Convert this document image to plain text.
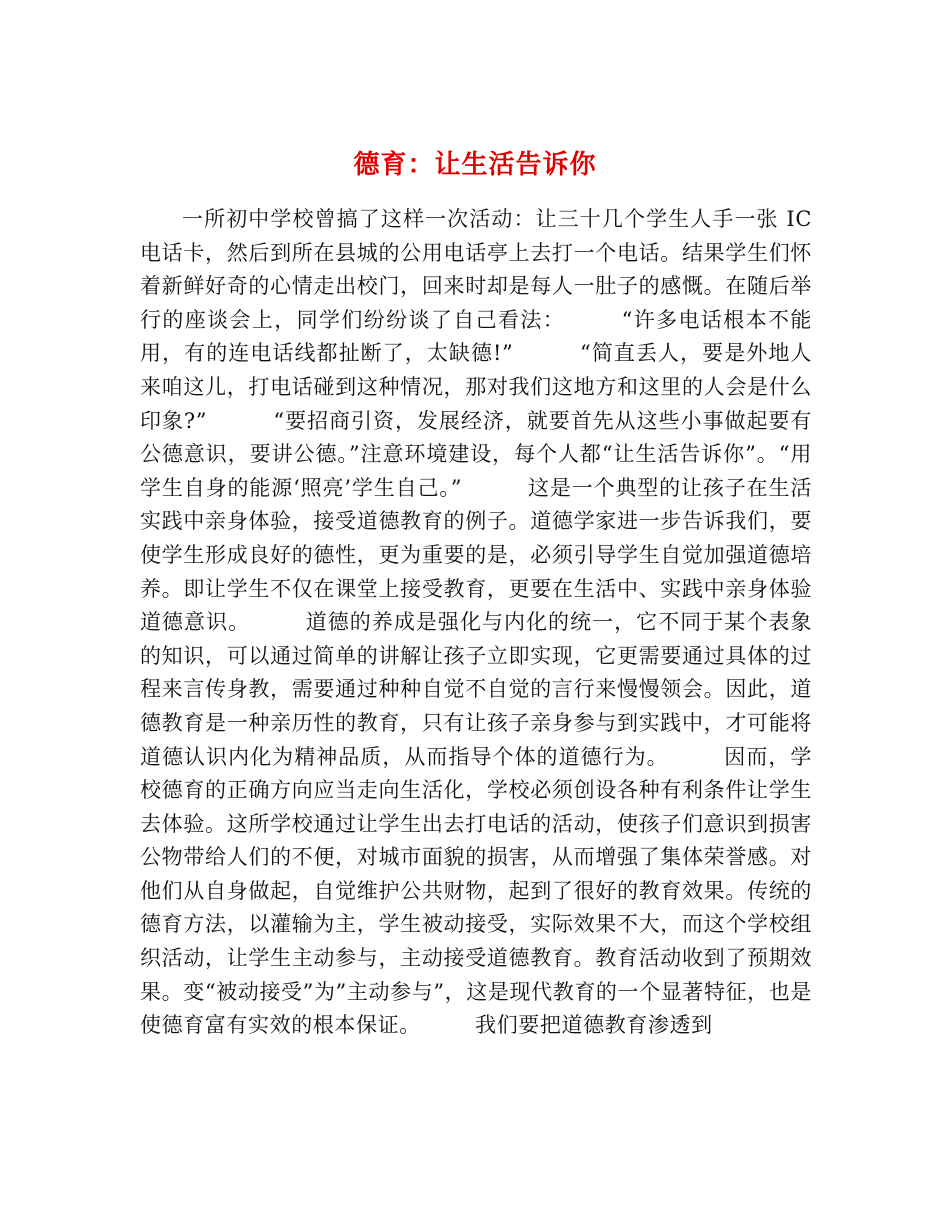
德育：让生活告诉你

一所初中学校曾搞了这样一次活动：让三十几个学生人手一张 IC 电话卡，然后到所在县城的公用电话亭上去打一个电话。结果学生们怀着新鲜好奇的心情走出校门，回来时却是每人一肚子的感慨。在随后举行的座谈会上，同学们纷纷谈了自己看法：　　　“许多电话根本不能用，有的连电话线都扯断了，太缺德!”　　　“简直丢人，要是外地人来咱这儿，打电话碰到这种情况，那对我们这地方和这里的人会是什么印象?”　　　“要招商引资，发展经济，就要首先从这些小事做起要有公德意识，要讲公德。”注意环境建设，每个人都“让生活告诉你”。“用学生自身的能源‘照亮’学生自己。”　　　这是一个典型的让孩子在生活实践中亲身体验，接受道德教育的例子。道德学家进一步告诉我们，要使学生形成良好的德性，更为重要的是，必须引导学生自觉加强道德培养。即让学生不仅在课堂上接受教育，更要在生活中、实践中亲身体验道德意识。　　　道德的养成是强化与内化的统一，它不同于某个表象的知识，可以通过简单的讲解让孩子立即实现，它更需要通过具体的过程来言传身教，需要通过种种自觉不自觉的言行来慢慢领会。因此，道德教育是一种亲历性的教育，只有让孩子亲身参与到实践中，才可能将道德认识内化为精神品质，从而指导个体的道德行为。　　　因而，学校德育的正确方向应当走向生活化，学校必须创设各种有利条件让学生去体验。这所学校通过让学生出去打电话的活动，使孩子们意识到损害公物带给人们的不便，对城市面貌的损害，从而增强了集体荣誉感。对他们从自身做起，自觉维护公共财物，起到了很好的教育效果。传统的德育方法，以灌输为主，学生被动接受，实际效果不大，而这个学校组织活动，让学生主动参与，主动接受道德教育。教育活动收到了预期效果。变“被动接受”为”主动参与”，这是现代教育的一个显著特征，也是使德育富有实效的根本保证。　　　我们要把道德教育渗透到
